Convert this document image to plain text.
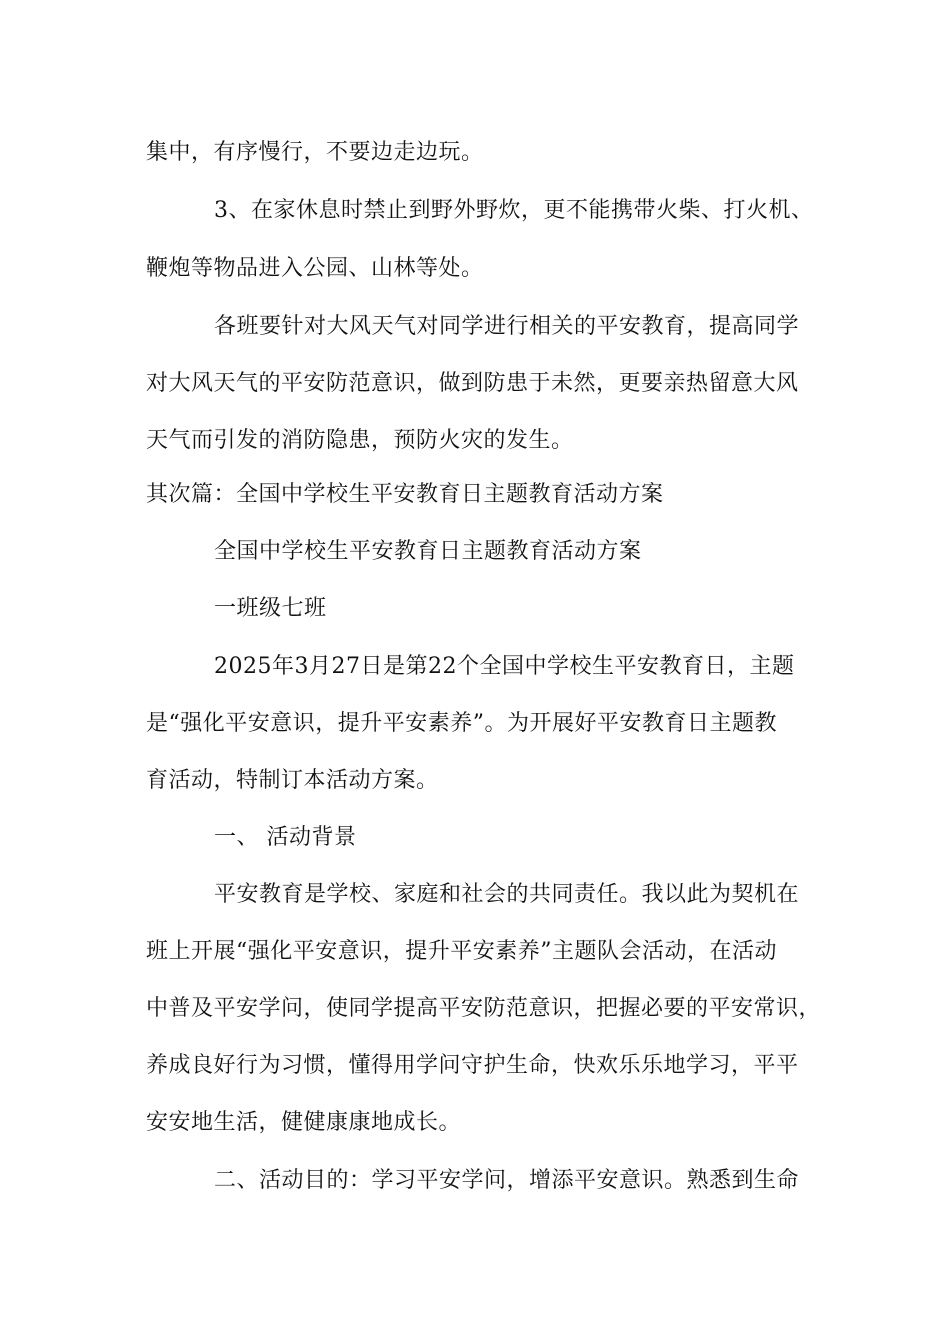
集中，有序慢行，不要边走边玩。
3、在家休息时禁止到野外野炊，更不能携带火柴、打火机、
鞭炮等物品进入公园、山林等处。
各班要针对大风天气对同学进行相关的平安教育，提高同学
对大风天气的平安防范意识，做到防患于未然，更要亲热留意大风
天气而引发的消防隐患，预防火灾的发生。
其次篇：全国中学校生平安教育日主题教育活动方案
全国中学校生平安教育日主题教育活动方案
一班级七班
2025年3月27日是第22个全国中学校生平安教育日，主题
是“强化平安意识，提升平安素养”。为开展好平安教育日主题教
育活动，特制订本活动方案。
一、 活动背景
平安教育是学校、家庭和社会的共同责任。我以此为契机在
班上开展“强化平安意识，提升平安素养”主题队会活动，在活动
中普及平安学问，使同学提高平安防范意识，把握必要的平安常识，
养成良好行为习惯，懂得用学问守护生命，快欢乐乐地学习，平平
安安地生活，健健康康地成长。
二、活动目的：学习平安学问，增添平安意识。熟悉到生命
